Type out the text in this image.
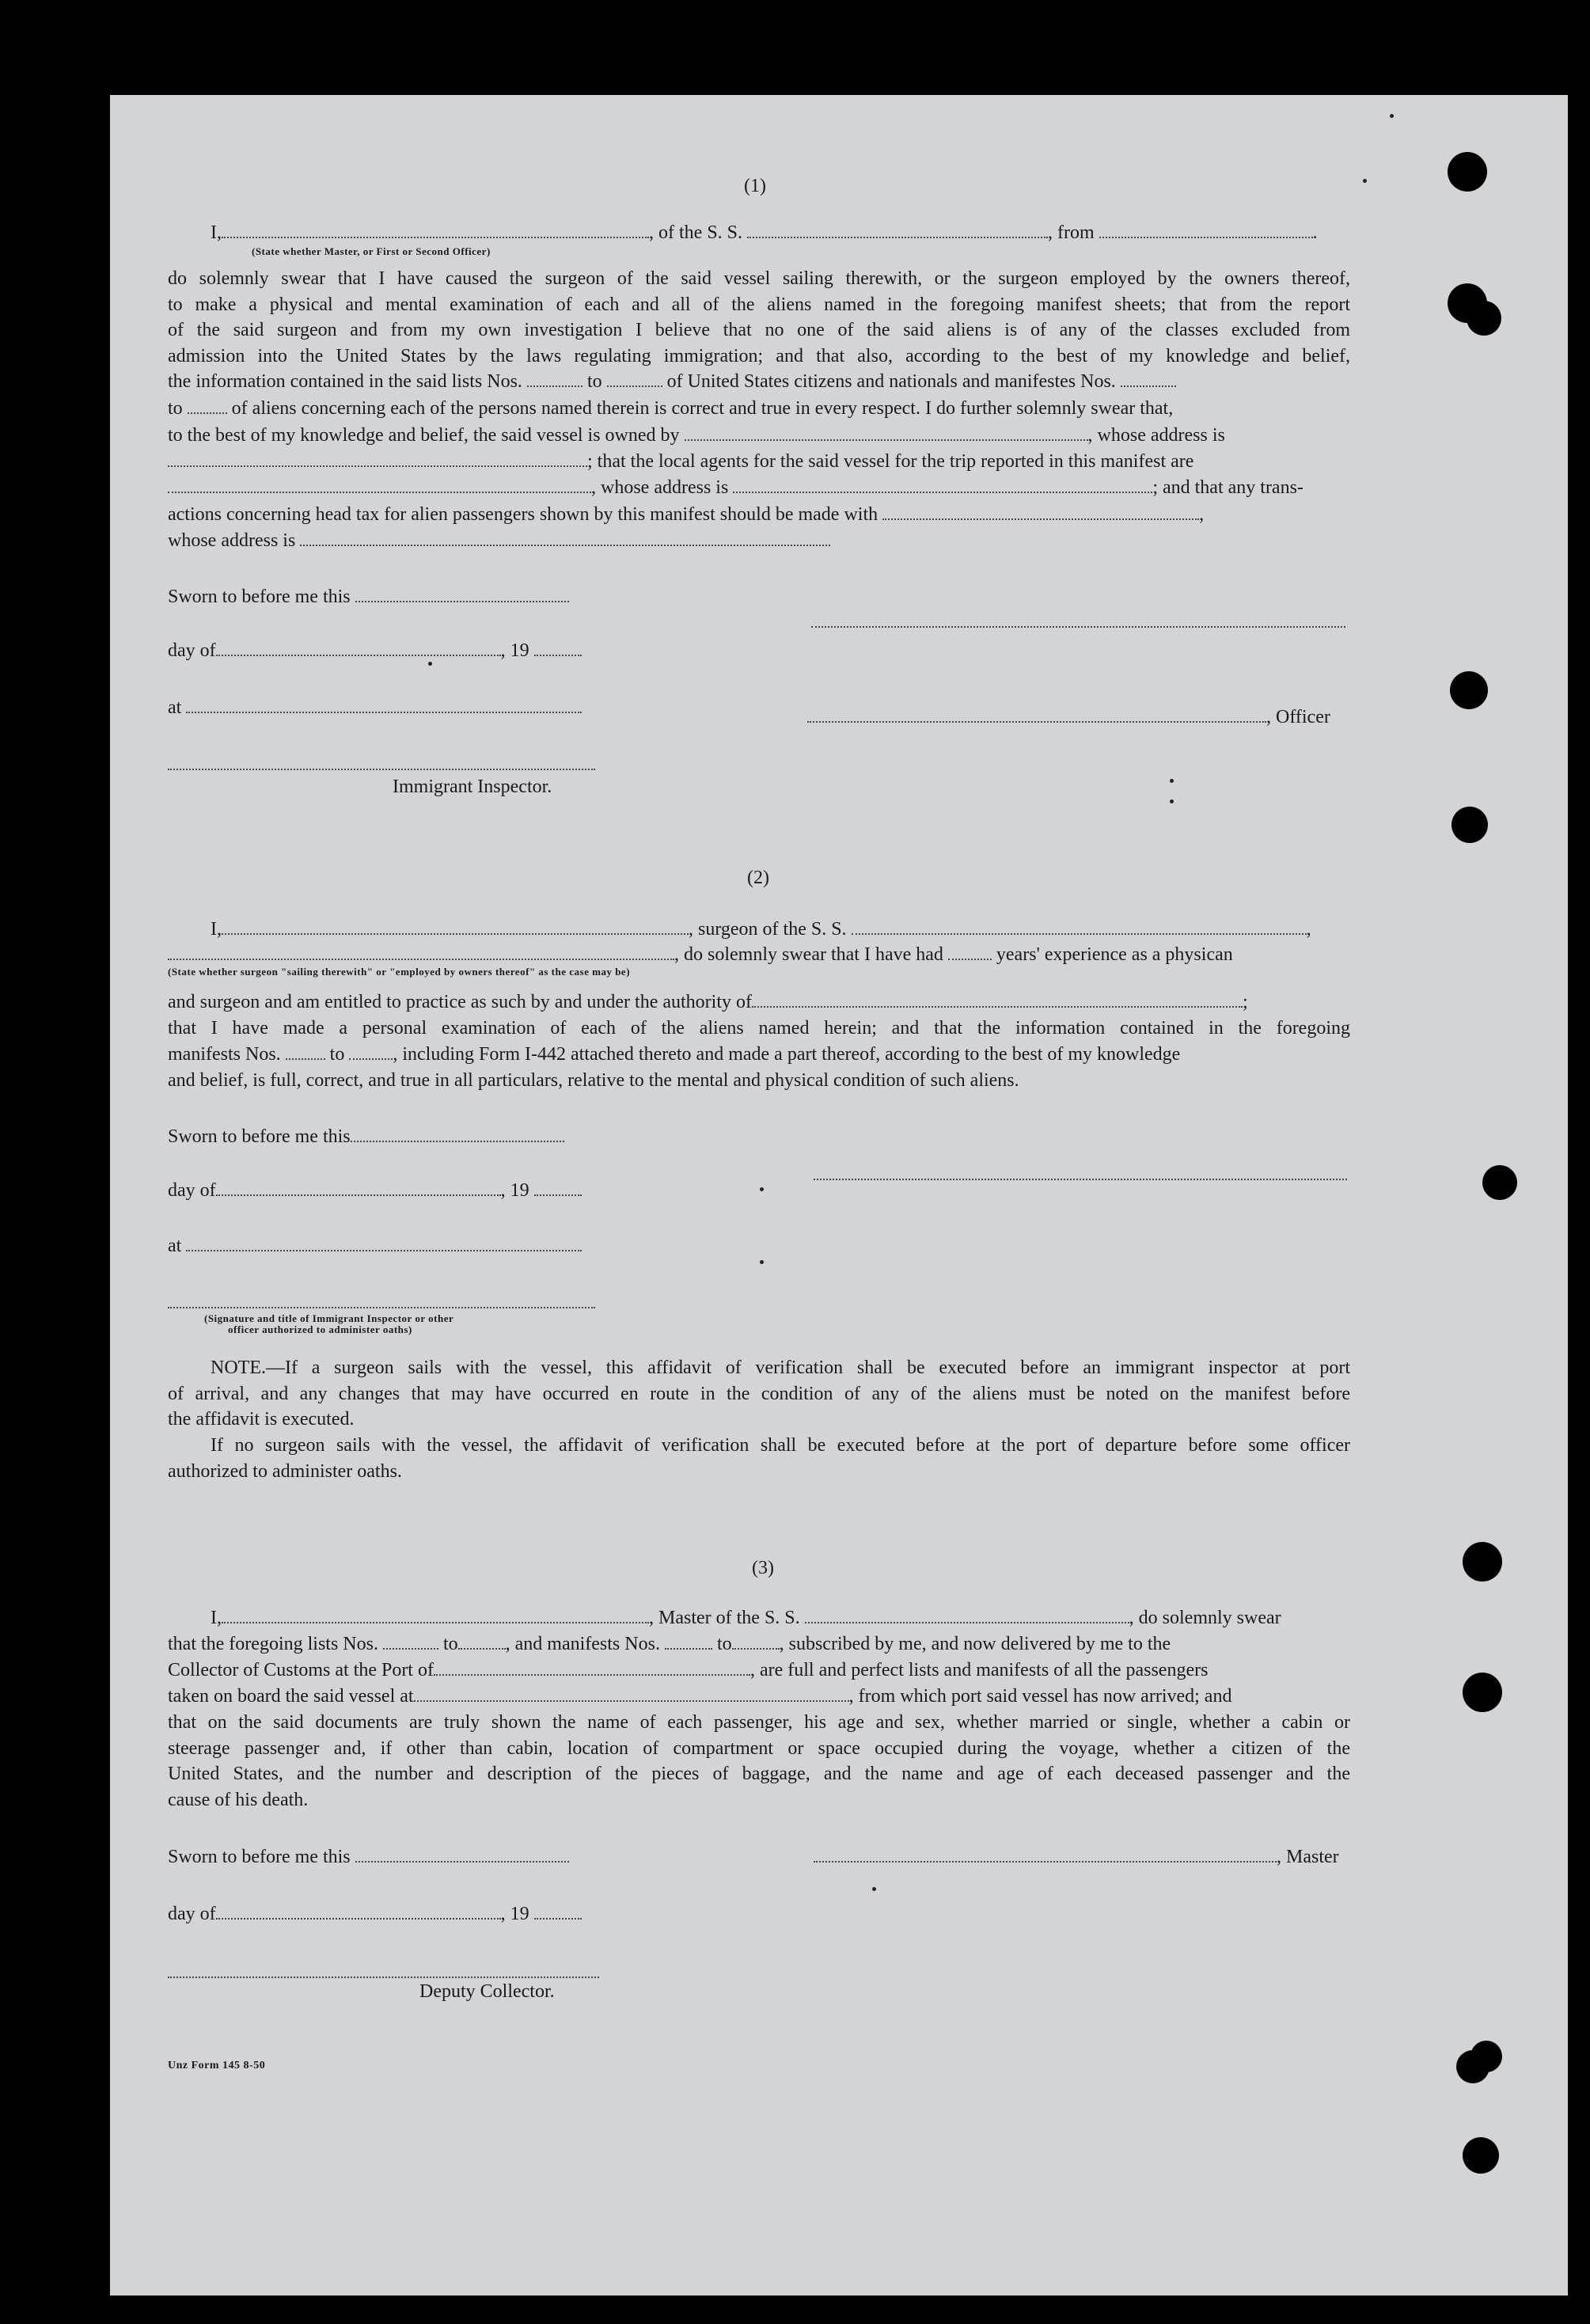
(1)
I,	, of the S. S.	, from	.
(State whether Master, or First or Second Officer)
do solemnly swear that I have caused the surgeon of the said vessel sailing therewith, or the surgeon employed by the owners thereof,
to make a physical and mental examination of each and all of the aliens named in the foregoing manifest sheets; that from the report
of the said surgeon and from my own investigation I believe that no one of the said aliens is of any of the classes excluded from
admission into the United States by the laws regulating immigration; and that also, according to the best of my knowledge and belief,
the information contained in the said lists Nos.	to	of United States citizens and nationals and manifestes Nos.
to	of aliens concerning each of the persons named therein is correct and true in every respect. I do further solemnly swear that,
to the best of my knowledge and belief, the said vessel is owned by	, whose address is
; that the local agents for the said vessel for the trip reported in this manifest are
, whose address is	; and that any trans-
actions concerning head tax for alien passengers shown by this manifest should be made with	,
whose address is
Sworn to before me this
day of	, 19
at	, Officer
Immigrant Inspector.
(2)
I,	, surgeon of the S. S.	,
, do solemnly swear that I have had	years' experience as a physican
(State whether surgeon "sailing therewith" or "employed by owners thereof" as the case may be)
and surgeon and am entitled to practice as such by and under the authority of	;
that I have made a personal examination of each of the aliens named herein; and that the information contained in the foregoing
manifests Nos.	to	, including Form I-442 attached thereto and made a part thereof, according to the best of my knowledge
and belief, is full, correct, and true in all particulars, relative to the mental and physical condition of such aliens.
Sworn to before me this
day of	, 19
at
(Signature and title of Immigrant Inspector or other
officer authorized to administer oaths)
NOTE.—If a surgeon sails with the vessel, this affidavit of verification shall be executed before an immigrant inspector at port
of arrival, and any changes that may have occurred en route in the condition of any of the aliens must be noted on the manifest before
the affidavit is executed.
If no surgeon sails with the vessel, the affidavit of verification shall be executed before at the port of departure before some officer
authorized to administer oaths.
(3)
I,	, Master of the S. S.	, do solemnly swear
that the foregoing lists Nos.	to	, and manifests Nos.	to	, subscribed by me, and now delivered by me to the
Collector of Customs at the Port of	, are full and perfect lists and manifests of all the passengers
taken on board the said vessel at	, from which port said vessel has now arrived; and
that on the said documents are truly shown the name of each passenger, his age and sex, whether married or single, whether a cabin or
steerage passenger and, if other than cabin, location of compartment or space occupied during the voyage, whether a citizen of the
United States, and the number and description of the pieces of baggage, and the name and age of each deceased passenger and the
cause of his death.
Sworn to before me this	, Master
day of	, 19
Deputy Collector.
Unz Form 145 8-50
